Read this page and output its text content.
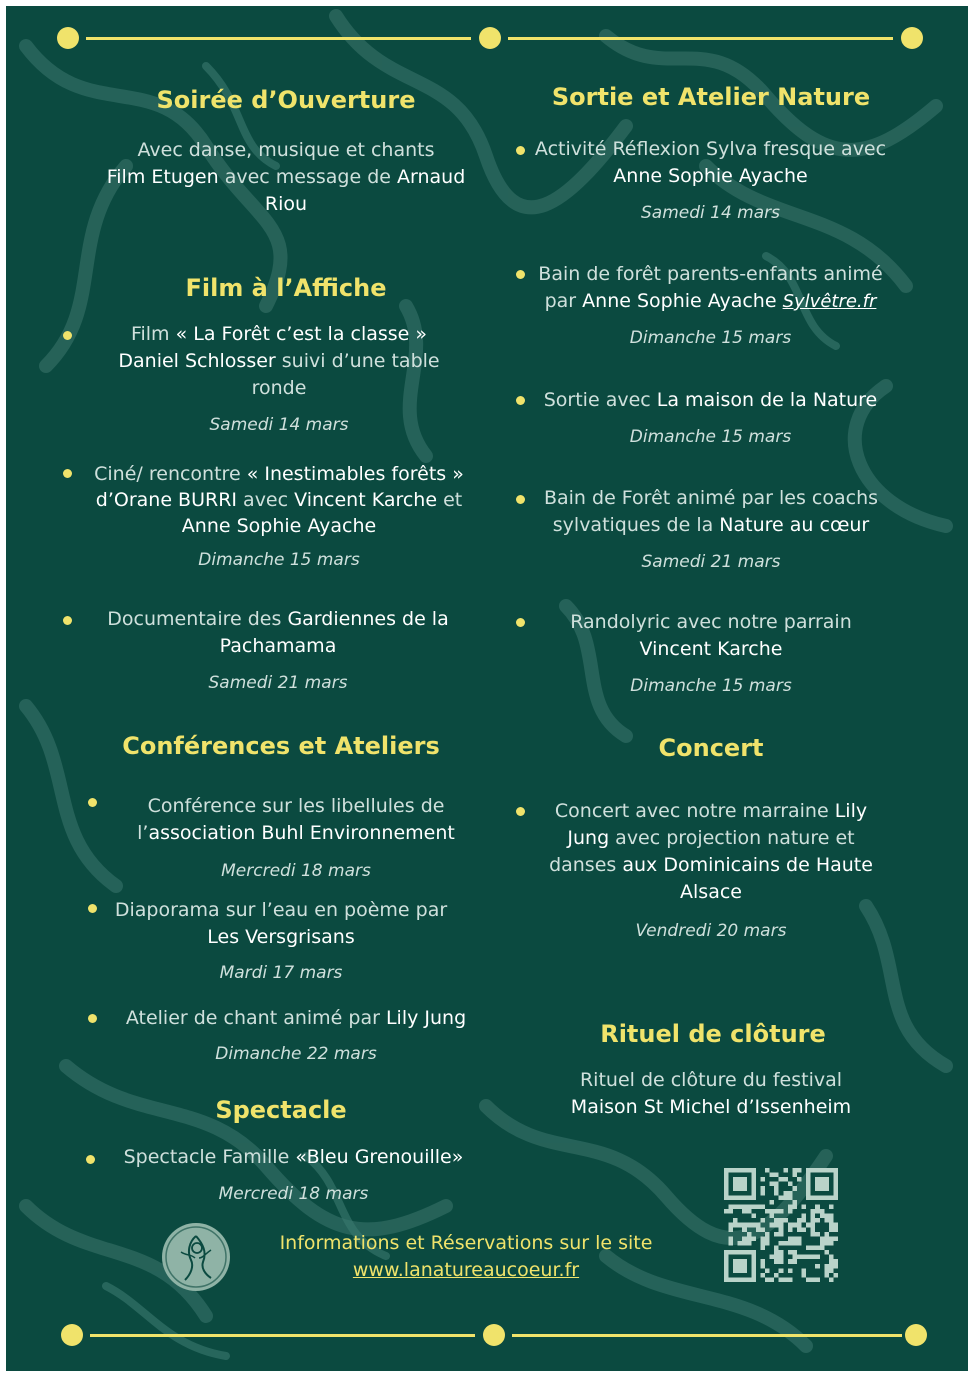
Soirée d’Ouverture
Avec danse, musique et chants
Film Etugen avec message de Arnaud Riou
Film à l’Affiche
Film « La Forêt c’est la classe » Daniel Schlosser suivi d’une table ronde
Samedi 14 mars
Ciné/ rencontre « Inestimables forêts » d’Orane BURRI avec Vincent Karche et
Anne Sophie Ayache
Dimanche 15 mars
Documentaire des Gardiennes de la Pachamama
Samedi 21 mars
Conférences et Ateliers
Conférence sur les libellules de l’association Buhl Environnement
Mercredi 18 mars
Diaporama sur l’eau en poème par
Les Versgrisans
Mardi 17 mars
Atelier de chant animé par Lily Jung
Dimanche 22 mars
Spectacle
Spectacle Famille «Bleu Grenouille»
Mercredi 18 mars
Sortie et Atelier Nature
Activité Réflexion Sylva fresque avec
Anne Sophie Ayache
Samedi 14 mars
Bain de forêt parents-enfants animé par Anne Sophie Ayache Sylvêtre.fr
Dimanche 15 mars
Sortie avec La maison de la Nature
Dimanche 15 mars
Bain de Forêt animé par les coachs sylvatiques de la Nature au cœur
Samedi 21 mars
Randolyric avec notre parrain
Vincent Karche
Dimanche 15 mars
Concert
Concert avec notre marraine Lily Jung avec projection nature et danses aux Dominicains de Haute Alsace
Vendredi 20 mars
Rituel de clôture
Rituel de clôture du festival
Maison St Michel d’Issenheim
Informations et Réservations sur le site
www.lanatureaucoeur.fr
